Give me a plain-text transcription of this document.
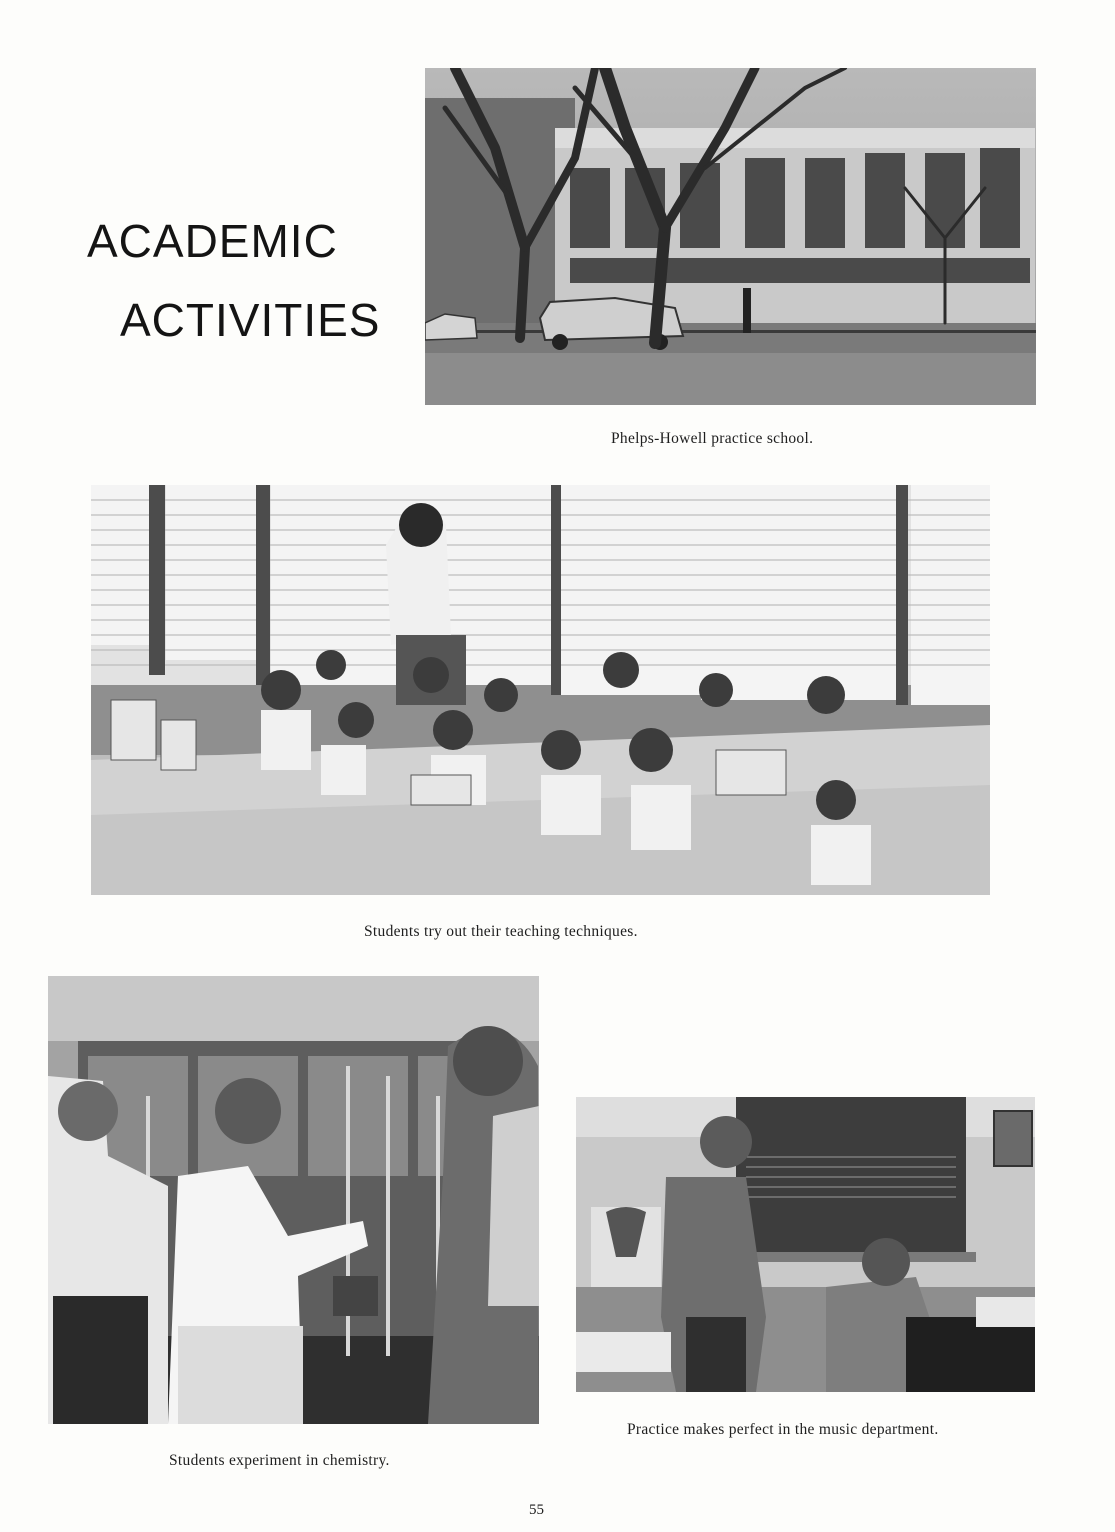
ACADEMIC
ACTIVITIES
Phelps-Howell practice school.
Students try out their teaching techniques.
Students experiment in chemistry.
Practice makes perfect in the music department.
55
